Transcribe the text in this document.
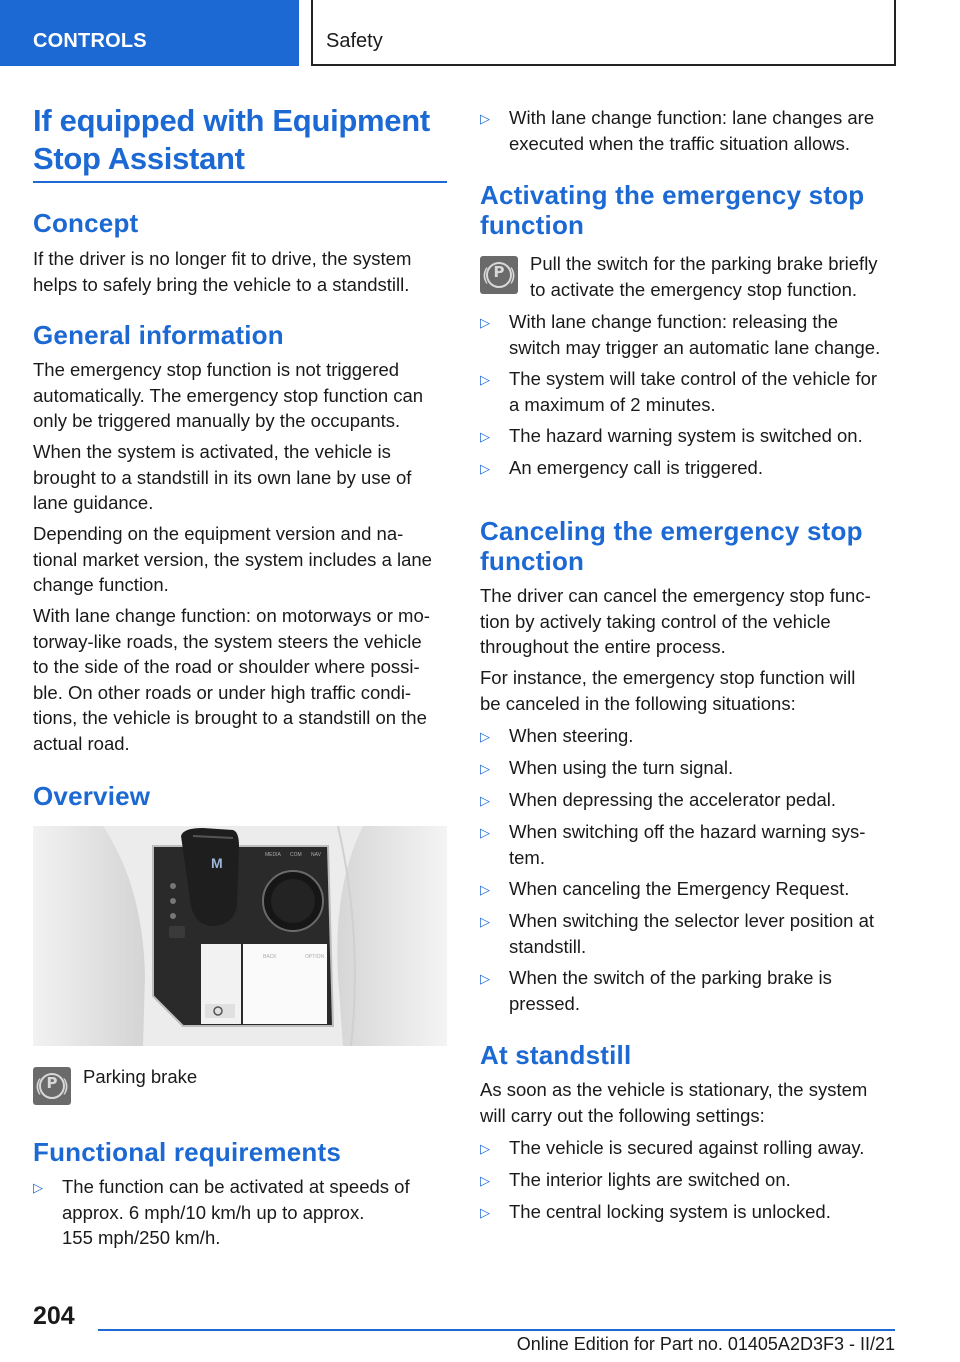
CONTROLS	Safety
If equipped with Equipment
Stop Assistant
Concept
If the driver is no longer fit to drive, the system
helps to safely bring the vehicle to a standstill.
General information
The emergency stop function is not triggered
automatically. The emergency stop function can
only be triggered manually by the occupants.
When the system is activated, the vehicle is
brought to a standstill in its own lane by use of
lane guidance.
Depending on the equipment version and na-
tional market version, the system includes a lane
change function.
With lane change function: on motorways or mo-
torway-like roads, the system steers the vehicle
to the side of the road or shoulder where possi-
ble. On other roads or under high traffic condi-
tions, the vehicle is brought to a standstill on the
actual road.
Overview
M	MEDIA COM NAV
BACK	OPTION
( )
P	Parking brake
Functional requirements
▷ The function can be activated at speeds of
approx. 6 mph/10 km/h up to approx.
155 mph/250 km/h.
▷ With lane change function: lane changes are
executed when the traffic situation allows.
Activating the emergency stop
function
( )
P	Pull the switch for the parking brake briefly
to activate the emergency stop function.
▷ With lane change function: releasing the
switch may trigger an automatic lane change.
▷ The system will take control of the vehicle for
a maximum of 2 minutes.
▷	The hazard warning system is switched on.
▷	An emergency call is triggered.
Canceling the emergency stop
function
The driver can cancel the emergency stop func-
tion by actively taking control of the vehicle
throughout the entire process.
For instance, the emergency stop function will
be canceled in the following situations:
▷	When steering.
▷	When using the turn signal.
▷	When depressing the accelerator pedal.
▷ When switching off the hazard warning sys-
tem.
▷	When canceling the Emergency Request.
▷ When switching the selector lever position at
standstill.
▷ When the switch of the parking brake is
pressed.
At standstill
As soon as the vehicle is stationary, the system
will carry out the following settings:
▷	The vehicle is secured against rolling away.
▷	The interior lights are switched on.
▷	The central locking system is unlocked.
204
Online Edition for Part no. 01405A2D3F3 - II/21
